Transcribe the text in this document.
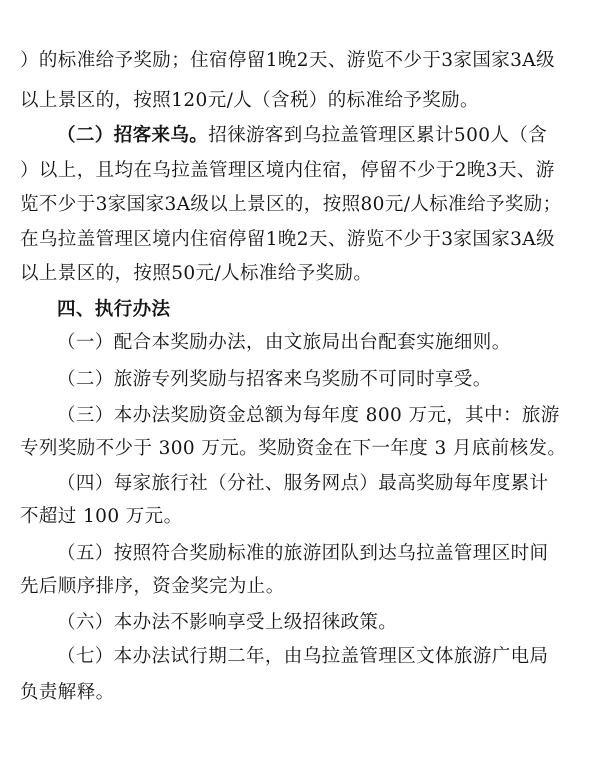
）的标准给予奖励；住宿停留1晚2天、游览不少于3家国家3A级
以上景区的，按照120元/人（含税）的标准给予奖励。
（二）招客来乌。招徕游客到乌拉盖管理区累计500人（含
）以上，且均在乌拉盖管理区境内住宿，停留不少于2晚3天、游
览不少于3家国家3A级以上景区的，按照80元/人标准给予奖励；
在乌拉盖管理区境内住宿停留1晚2天、游览不少于3家国家3A级
以上景区的，按照50元/人标准给予奖励。
四、执行办法
（一）配合本奖励办法，由文旅局出台配套实施细则。
（二）旅游专列奖励与招客来乌奖励不可同时享受。
（三）本办法奖励资金总额为每年度 800 万元，其中：旅游
专列奖励不少于 300 万元。奖励资金在下一年度 3 月底前核发。
（四）每家旅行社（分社、服务网点）最高奖励每年度累计
不超过 100 万元。
（五）按照符合奖励标准的旅游团队到达乌拉盖管理区时间
先后顺序排序，资金奖完为止。
（六）本办法不影响享受上级招徕政策。
（七）本办法试行期二年，由乌拉盖管理区文体旅游广电局
负责解释。
